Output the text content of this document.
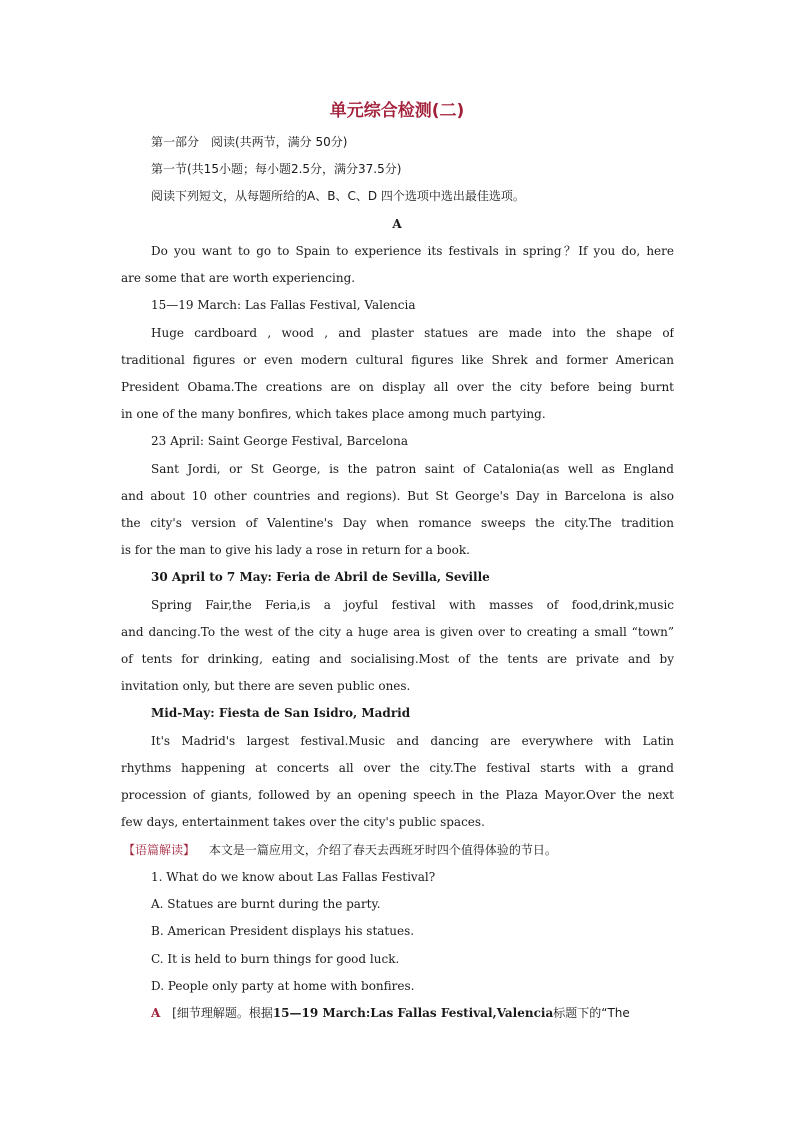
单元综合检测(二)
第一部分　阅读(共两节，满分 50分)
第一节(共15小题；每小题2.5分，满分37.5分)
阅读下列短文，从每题所给的A、B、C、D 四个选项中选出最佳选项。
A
Do you want to go to Spain to experience its festivals in spring？If you do, here
are some that are worth experiencing.
15—19 March: Las Fallas Festival, Valencia
Huge cardboard , wood , and plaster statues are made into the shape of
traditional figures or even modern cultural figures like Shrek and former American
President Obama.The creations are on display all over the city before being burnt
in one of the many bonfires, which takes place among much partying.
23 April: Saint George Festival, Barcelona
Sant Jordi, or St George, is the patron saint of Catalonia(as well as England
and about 10 other countries and regions). But St George's Day in Barcelona is also
the city's version of Valentine's Day when romance sweeps the city.The tradition
is for the man to give his lady a rose in return for a book.
30 April to 7 May: Feria de Abril de Sevilla, Seville
Spring Fair,the Feria,is a joyful festival with masses of food,drink,music
and dancing.To the west of the city a huge area is given over to creating a small “town”
of tents for drinking, eating and socialising.Most of the tents are private and by
invitation only, but there are seven public ones.
Mid-May: Fiesta de San Isidro, Madrid
It's Madrid's largest festival.Music and dancing are everywhere with Latin
rhythms happening at concerts all over the city.The festival starts with a grand
procession of giants, followed by an opening speech in the Plaza Mayor.Over the next
few days, entertainment takes over the city's public spaces.
【语篇解读】 本文是一篇应用文，介绍了春天去西班牙时四个值得体验的节日。
1. What do we know about Las Fallas Festival?
A. Statues are burnt during the party.
B. American President displays his statues.
C. It is held to burn things for good luck.
D. People only party at home with bonfires.
A [细节理解题。根据15—19 March:Las Fallas Festival,Valencia标题下的“The
